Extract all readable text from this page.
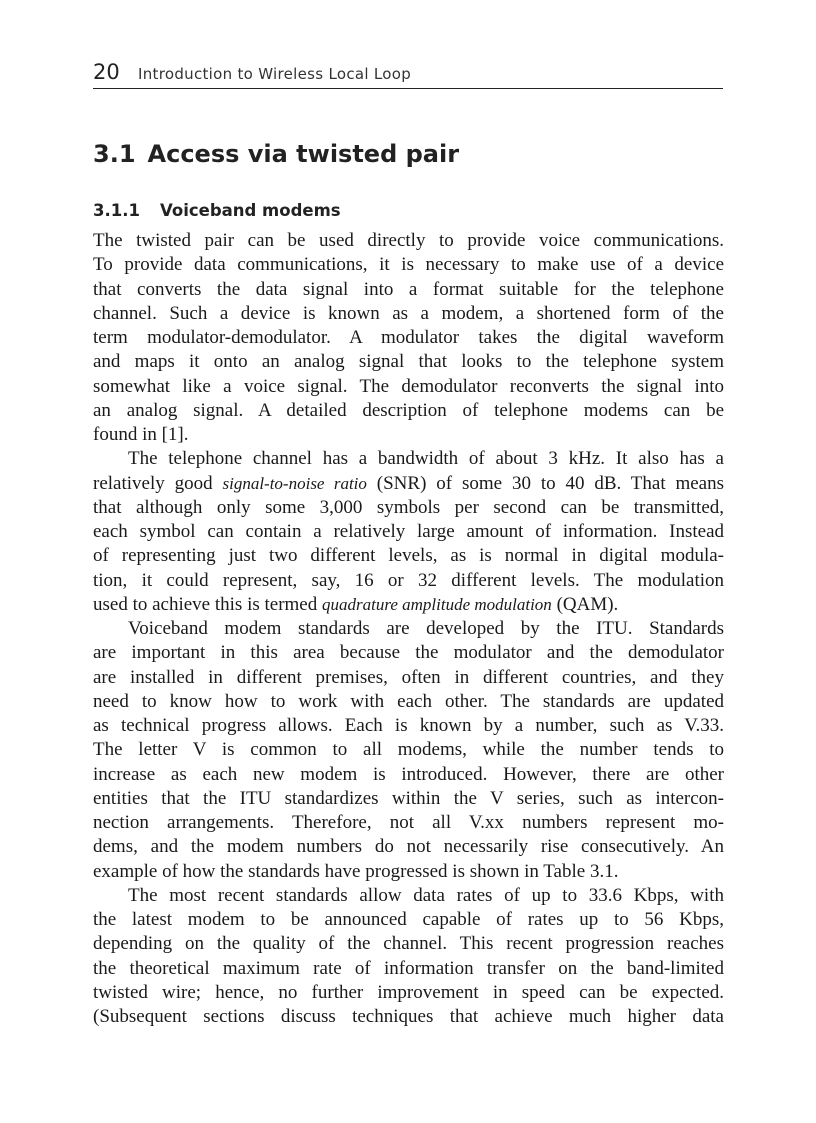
20 Introduction to Wireless Local Loop
3.1 Access via twisted pair
3.1.1 Voiceband modems
The twisted pair can be used directly to provide voice communications.
To provide data communications, it is necessary to make use of a device
that converts the data signal into a format suitable for the telephone
channel. Such a device is known as a modem, a shortened form of the
term modulator-demodulator. A modulator takes the digital waveform
and maps it onto an analog signal that looks to the telephone system
somewhat like a voice signal. The demodulator reconverts the signal into
an analog signal. A detailed description of telephone modems can be
found in [1].
The telephone channel has a bandwidth of about 3 kHz. It also has a
relatively good signal-to-noise ratio (SNR) of some 30 to 40 dB. That means
that although only some 3,000 symbols per second can be transmitted,
each symbol can contain a relatively large amount of information. Instead
of representing just two different levels, as is normal in digital modula-
tion, it could represent, say, 16 or 32 different levels. The modulation
used to achieve this is termed quadrature amplitude modulation (QAM).
Voiceband modem standards are developed by the ITU. Standards
are important in this area because the modulator and the demodulator
are installed in different premises, often in different countries, and they
need to know how to work with each other. The standards are updated
as technical progress allows. Each is known by a number, such as V.33.
The letter V is common to all modems, while the number tends to
increase as each new modem is introduced. However, there are other
entities that the ITU standardizes within the V series, such as intercon-
nection arrangements. Therefore, not all V.xx numbers represent mo-
dems, and the modem numbers do not necessarily rise consecutively. An
example of how the standards have progressed is shown in Table 3.1.
The most recent standards allow data rates of up to 33.6 Kbps, with
the latest modem to be announced capable of rates up to 56 Kbps,
depending on the quality of the channel. This recent progression reaches
the theoretical maximum rate of information transfer on the band-limited
twisted wire; hence, no further improvement in speed can be expected.
(Subsequent sections discuss techniques that achieve much higher data
